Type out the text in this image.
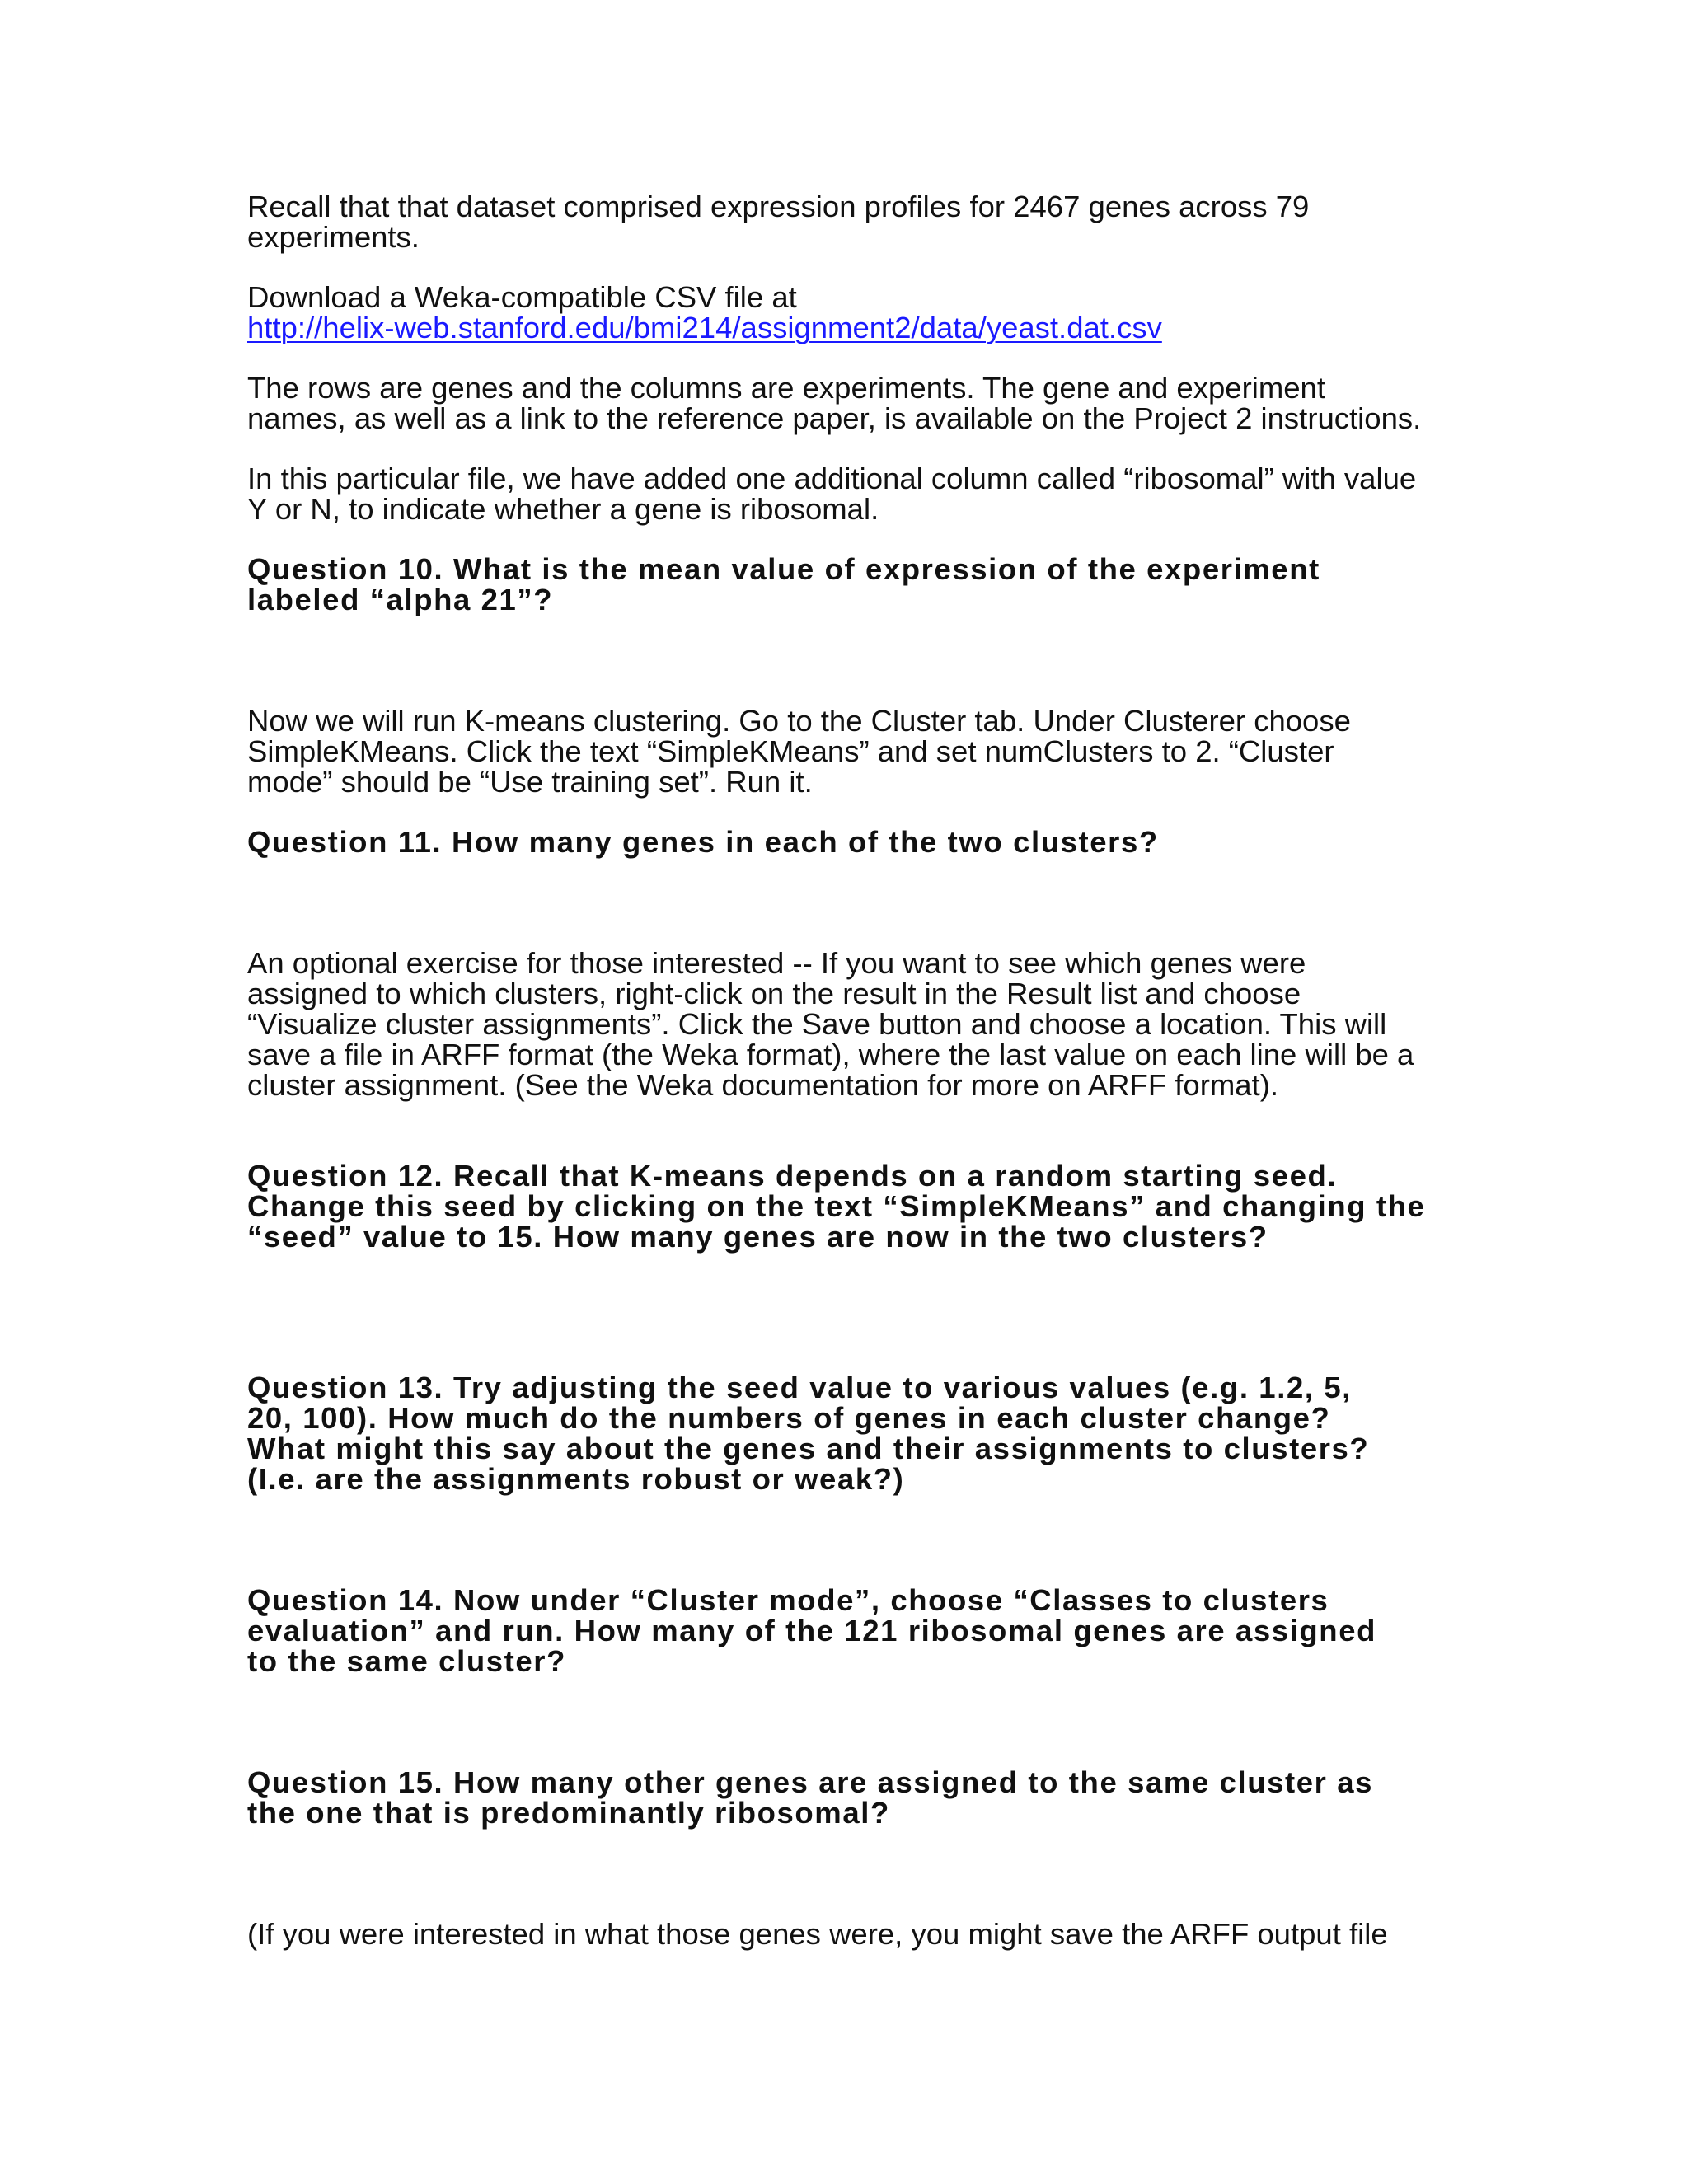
Recall that that dataset comprised expression profiles for 2467 genes across 79
experiments.

Download a Weka-compatible CSV file at
http://helix-web.stanford.edu/bmi214/assignment2/data/yeast.dat.csv

The rows are genes and the columns are experiments. The gene and experiment
names, as well as a link to the reference paper, is available on the Project 2 instructions.

In this particular file, we have added one additional column called “ribosomal” with value
Y or N, to indicate whether a gene is ribosomal.

Question 10. What is the mean value of expression of the experiment
labeled “alpha 21”?

Now we will run K-means clustering. Go to the Cluster tab. Under Clusterer choose
SimpleKMeans. Click the text “SimpleKMeans” and set numClusters to 2. “Cluster
mode” should be “Use training set”. Run it.

Question 11. How many genes in each of the two clusters?

An optional exercise for those interested -- If you want to see which genes were
assigned to which clusters, right-click on the result in the Result list and choose
“Visualize cluster assignments”. Click the Save button and choose a location. This will
save a file in ARFF format (the Weka format), where the last value on each line will be a
cluster assignment. (See the Weka documentation for more on ARFF format).

Question 12. Recall that K-means depends on a random starting seed.
Change this seed by clicking on the text “SimpleKMeans” and changing the
“seed” value to 15. How many genes are now in the two clusters?

Question 13. Try adjusting the seed value to various values (e.g. 1.2, 5,
20, 100). How much do the numbers of genes in each cluster change?
What might this say about the genes and their assignments to clusters?
(I.e. are the assignments robust or weak?)

Question 14. Now under “Cluster mode”, choose “Classes to clusters
evaluation” and run. How many of the 121 ribosomal genes are assigned
to the same cluster?

Question 15. How many other genes are assigned to the same cluster as
the one that is predominantly ribosomal?

(If you were interested in what those genes were, you might save the ARFF output file
